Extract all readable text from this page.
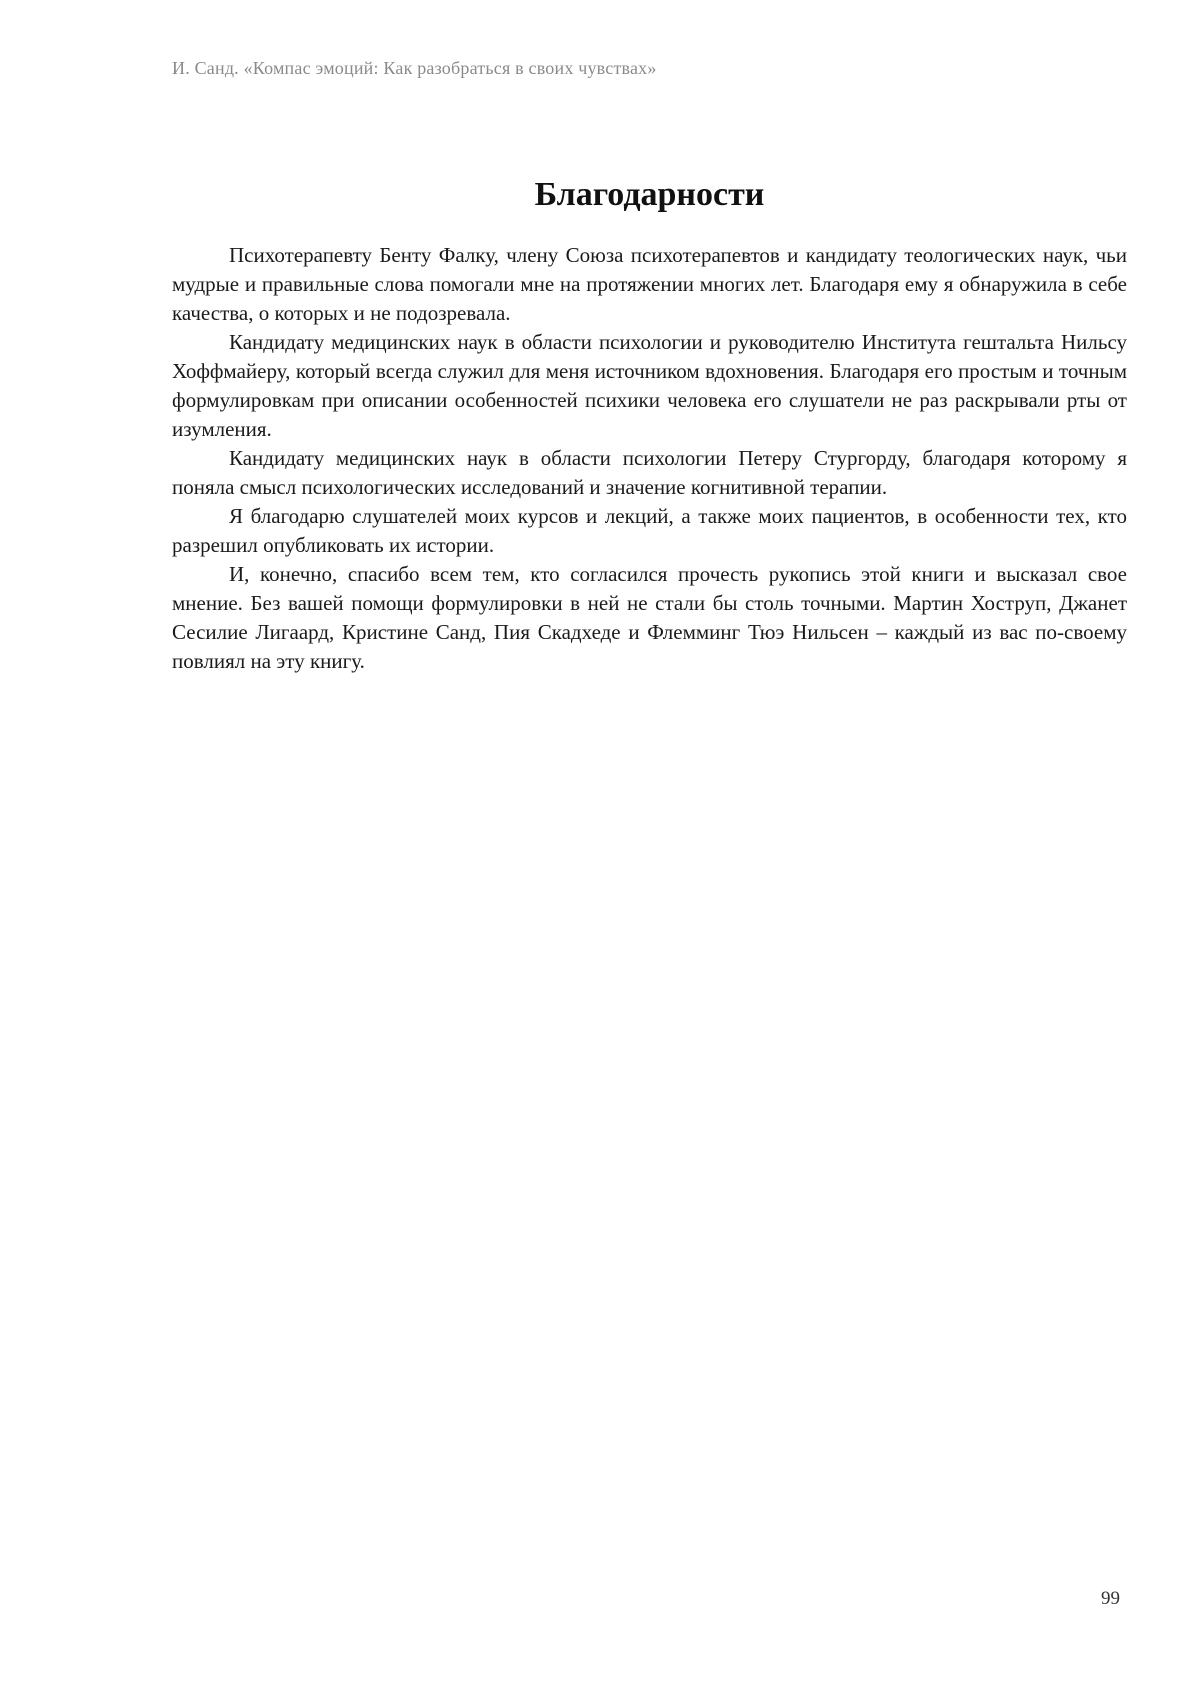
И. Санд. «Компас эмоций: Как разобраться в своих чувствах»
Благодарности

Психотерапевту Бенту Фалку, члену Союза психотерапевтов и кандидату теологических наук, чьи мудрые и правильные слова помогали мне на протяжении многих лет. Благодаря ему я обнаружила в себе качества, о которых и не подозревала.

Кандидату медицинских наук в области психологии и руководителю Института гештальта Нильсу Хоффмайеру, который всегда служил для меня источником вдохновения. Благодаря его простым и точным формулировкам при описании особенностей психики человека его слушатели не раз раскрывали рты от изумления.

Кандидату медицинских наук в области психологии Петеру Стургорду, благодаря которому я поняла смысл психологических исследований и значение когнитивной терапии.

Я благодарю слушателей моих курсов и лекций, а также моих пациентов, в особенности тех, кто разрешил опубликовать их истории.

И, конечно, спасибо всем тем, кто согласился прочесть рукопись этой книги и высказал свое мнение. Без вашей помощи формулировки в ней не стали бы столь точными. Мартин Хоструп, Джанет Сесилие Лигаард, Кристине Санд, Пия Скадхеде и Флемминг Тюэ Нильсен – каждый из вас по-своему повлиял на эту книгу.

99
